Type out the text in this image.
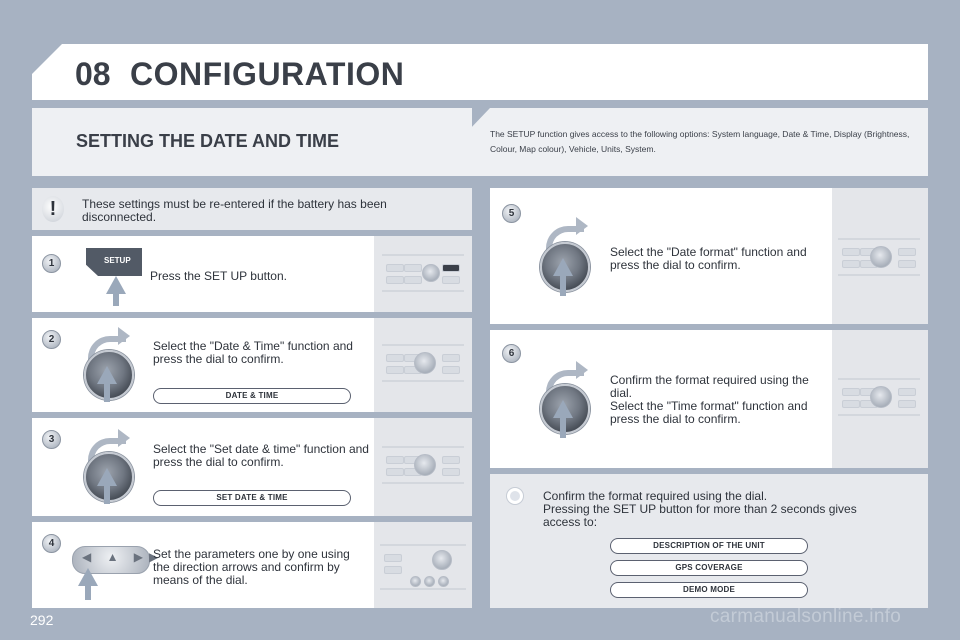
08 CONFIGURATION
SETTING THE DATE AND TIME	The SETUP function gives access to the following options: System language, Date & Time, Display (Brightness, Colour, Map colour), Vehicle, Units, System.
!	These settings must be re-entered if the battery has been disconnected.
1	SETUP
Press the SET UP button.
2	Select the "Date & Time" function and press the dial to confirm.
DATE & TIME
3
Select the "Set date & time" function and press the dial to confirm.
SET DATE & TIME
4
◀ ▲ ▶▶
Set the parameters one by one using the direction arrows and confirm by means of the dial.
5
Select the "Date format" function and press the dial to confirm.
6
Confirm the format required using the dial.
Select the "Time format" function and press the dial to confirm.
Confirm the format required using the dial.
Pressing the SET UP button for more than 2 seconds gives access to:
DESCRIPTION OF THE UNIT
GPS COVERAGE
DEMO MODE
292	carmanualsonline.info
